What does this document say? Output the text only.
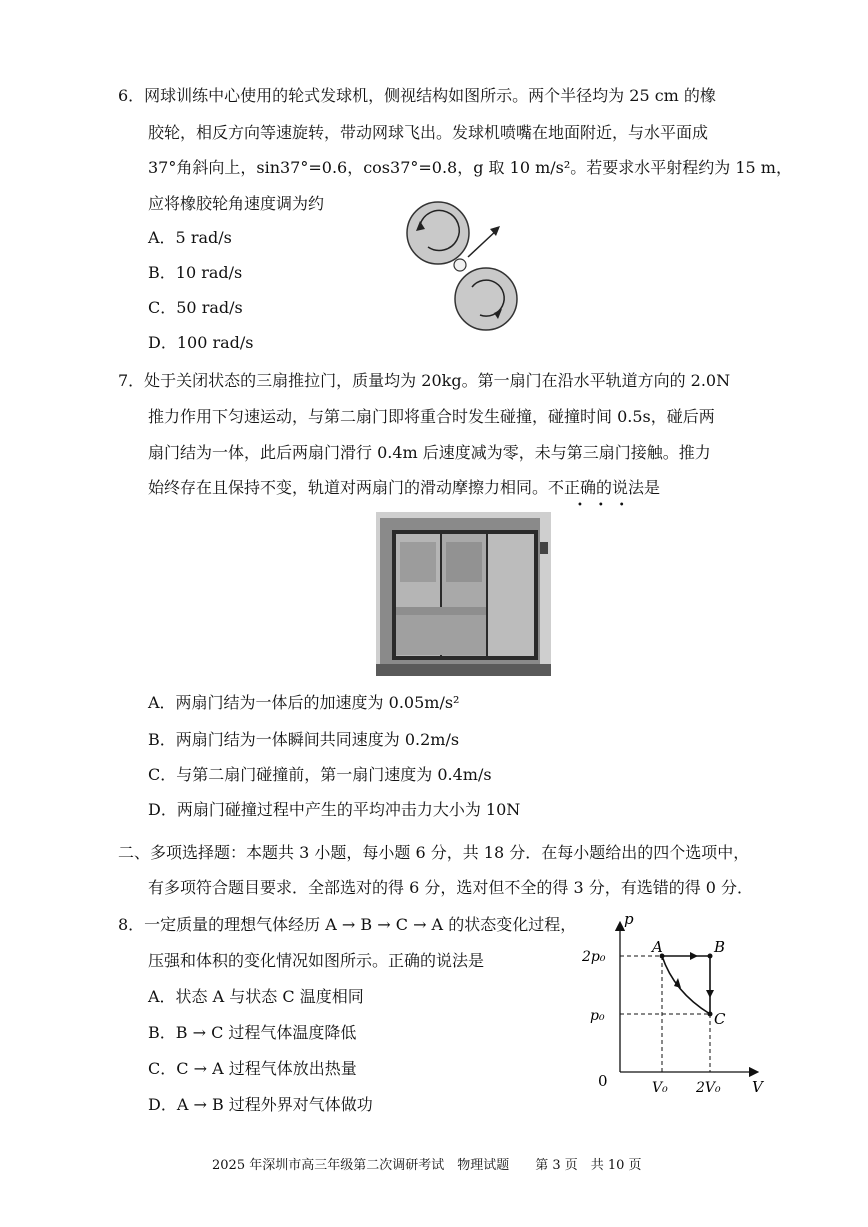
6．网球训练中心使用的轮式发球机，侧视结构如图所示。两个半径均为 25 cm 的橡
胶轮，相反方向等速旋转，带动网球飞出。发球机喷嘴在地面附近，与水平面成
37°角斜向上，sin37°=0.6，cos37°=0.8，g 取 10 m/s²。若要求水平射程约为 15 m，
应将橡胶轮角速度调为约
A．5 rad/s
B．10 rad/s
C．50 rad/s
D．100 rad/s
7．处于关闭状态的三扇推拉门，质量均为 20kg。第一扇门在沿水平轨道方向的 2.0N
推力作用下匀速运动，与第二扇门即将重合时发生碰撞，碰撞时间 0.5s，碰后两
扇门结为一体，此后两扇门滑行 0.4m 后速度减为零，未与第三扇门接触。推力
始终存在且保持不变，轨道对两扇门的滑动摩擦力相同。不正确的说法是
•••
A．两扇门结为一体后的加速度为 0.05m/s²
B．两扇门结为一体瞬间共同速度为 0.2m/s
C．与第二扇门碰撞前，第一扇门速度为 0.4m/s
D．两扇门碰撞过程中产生的平均冲击力大小为 10N
二、多项选择题：本题共 3 小题，每小题 6 分，共 18 分．在每小题给出的四个选项中，
有多项符合题目要求．全部选对的得 6 分，选对但不全的得 3 分，有选错的得 0 分．
8．一定质量的理想气体经历 A → B → C → A 的状态变化过程，
压强和体积的变化情况如图所示。正确的说法是
A．状态 A 与状态 C 温度相同
B．B → C 过程气体温度降低
C．C → A 过程气体放出热量
D．A → B 过程外界对气体做功
p
V
0
2p₀
p₀
V₀ 2V₀
A	B
C
2025 年深圳市高三年级第二次调研考试　物理试题　　第 3 页　共 10 页
